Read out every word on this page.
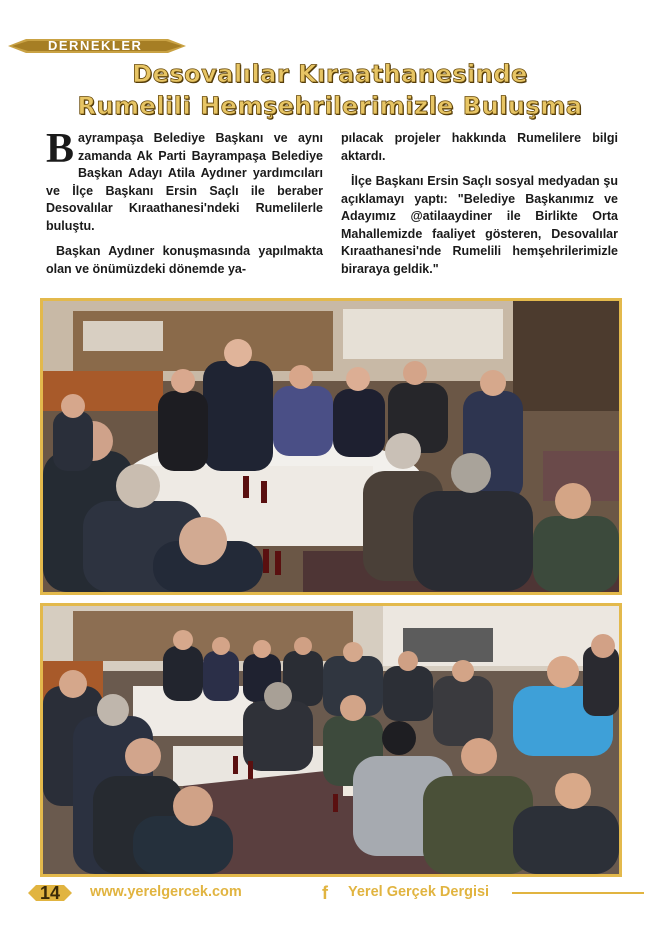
DERNEKLER
Desovalılar Kıraathanesinde
Rumelili Hemşehrilerimizle Buluşma

Bayrampaşa Belediye Başkanı ve aynı zamanda Ak Parti Bayrampaşa Belediye Başkan Adayı Atila Aydıner yardımcıları ve İlçe Başkanı Ersin Saçlı ile beraber Desovalılar Kıraathanesi'ndeki Rumelilerle buluştu.

Başkan Aydıner konuşmasında yapılmakta olan ve önümüzdeki dönemde ya-

pılacak projeler hakkında Rumelilere bilgi aktardı.

İlçe Başkanı Ersin Saçlı sosyal medyadan şu açıklamayı yaptı: "Belediye Başkanımız ve Adayımız @atilaaydiner ile Birlikte Orta Mahallemizde faaliyet gösteren, Desovalılar Kıraathanesi'nde Rumelili hemşehrilerimizle biraraya geldik."

14	www.yerelgercek.com	f Yerel Gerçek Dergisi
